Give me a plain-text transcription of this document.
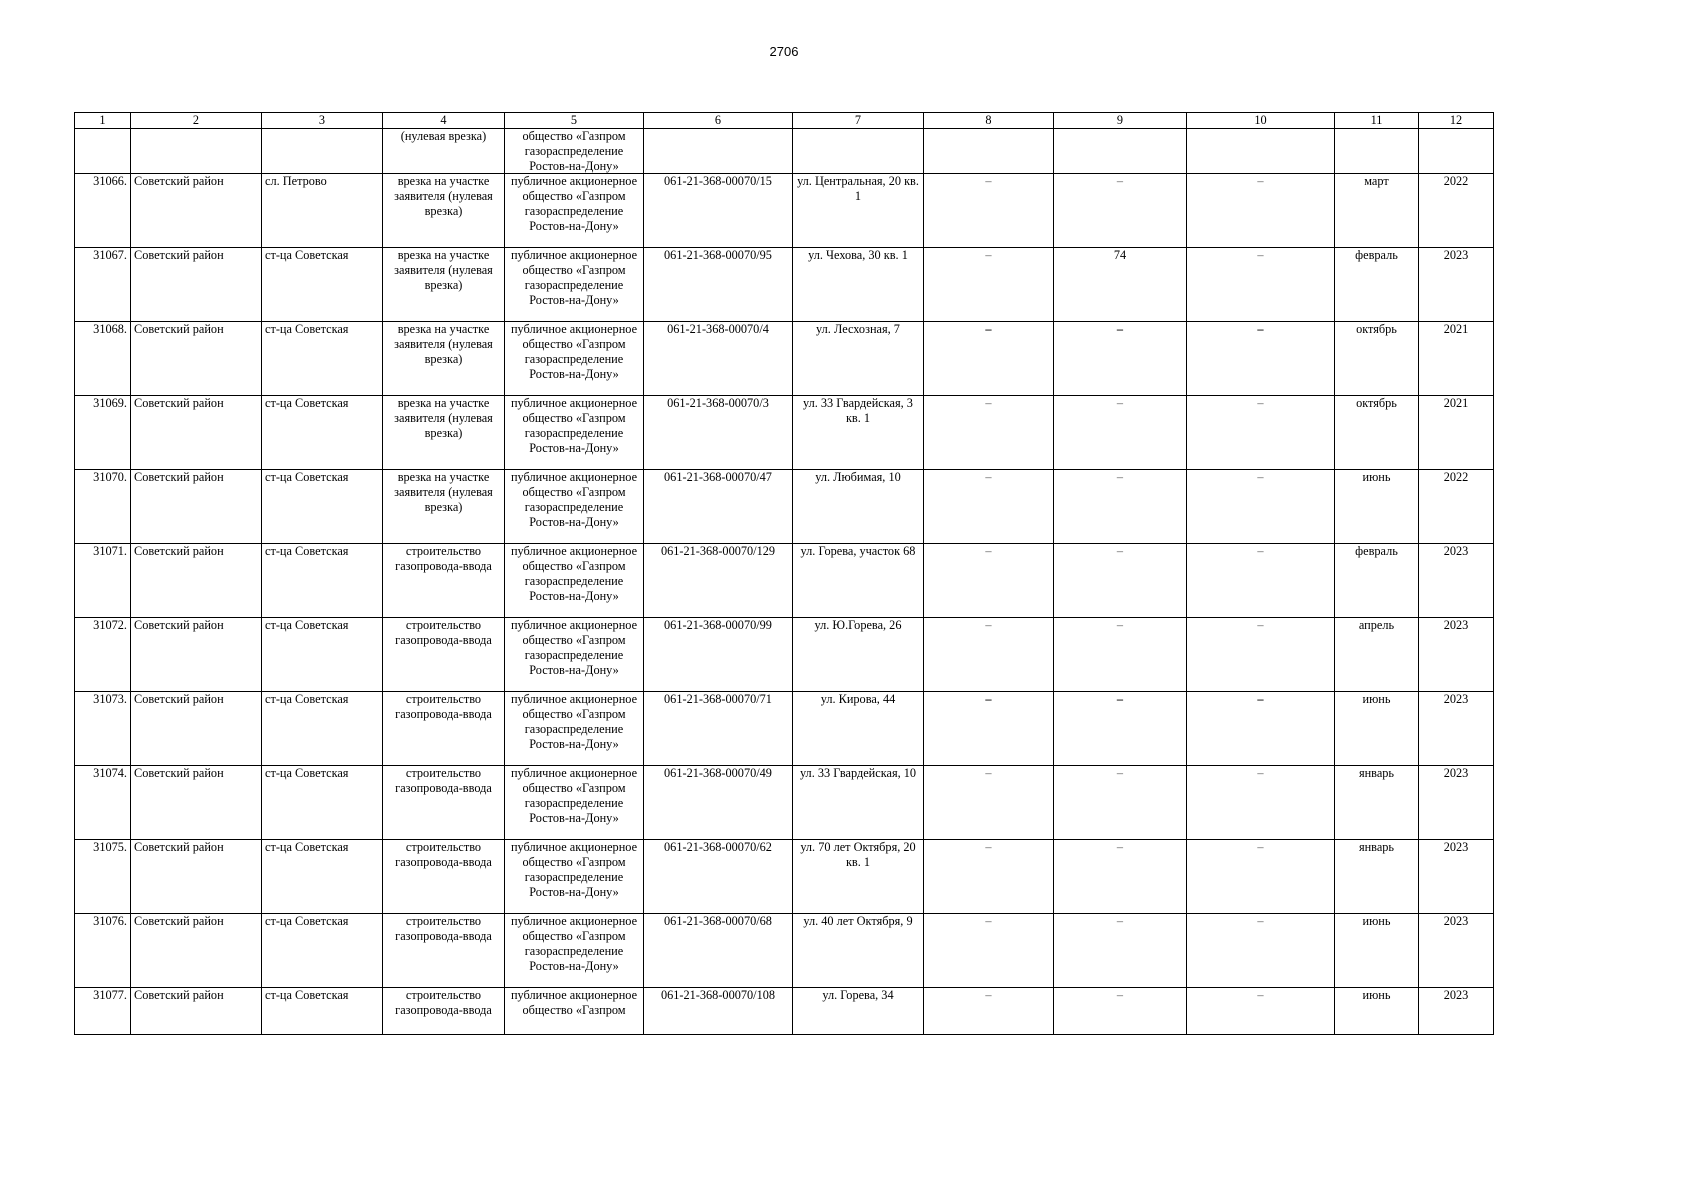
2706
1	2	3	4	5	6	7	8	9	10	11	12
			(нулевая врезка)	общество «Газпром газораспределение Ростов-на-Дону»							
31066.	Советский район	сл. Петрово	врезка на участке заявителя (нулевая врезка)	публичное акционерное общество «Газпром газораспределение Ростов-на-Дону»	061-21-368-00070/15	ул. Центральная, 20 кв. 1	–	–	–	март	2022
31067.	Советский район	ст-ца Советская	врезка на участке заявителя (нулевая врезка)	публичное акционерное общество «Газпром газораспределение Ростов-на-Дону»	061-21-368-00070/95	ул. Чехова, 30 кв. 1	–	74	–	февраль	2023
31068.	Советский район	ст-ца Советская	врезка на участке заявителя (нулевая врезка)	публичное акционерное общество «Газпром газораспределение Ростов-на-Дону»	061-21-368-00070/4	ул. Лесхозная, 7	–	–	–	октябрь	2021
31069.	Советский район	ст-ца Советская	врезка на участке заявителя (нулевая врезка)	публичное акционерное общество «Газпром газораспределение Ростов-на-Дону»	061-21-368-00070/3	ул. 33 Гвардейская, 3 кв. 1	–	–	–	октябрь	2021
31070.	Советский район	ст-ца Советская	врезка на участке заявителя (нулевая врезка)	публичное акционерное общество «Газпром газораспределение Ростов-на-Дону»	061-21-368-00070/47	ул. Любимая, 10	–	–	–	июнь	2022
31071.	Советский район	ст-ца Советская	строительство газопровода-ввода	публичное акционерное общество «Газпром газораспределение Ростов-на-Дону»	061-21-368-00070/129	ул. Горева, участок 68	–	–	–	февраль	2023
31072.	Советский район	ст-ца Советская	строительство газопровода-ввода	публичное акционерное общество «Газпром газораспределение Ростов-на-Дону»	061-21-368-00070/99	ул. Ю.Горева, 26	–	–	–	апрель	2023
31073.	Советский район	ст-ца Советская	строительство газопровода-ввода	публичное акционерное общество «Газпром газораспределение Ростов-на-Дону»	061-21-368-00070/71	ул. Кирова, 44	–	–	–	июнь	2023
31074.	Советский район	ст-ца Советская	строительство газопровода-ввода	публичное акционерное общество «Газпром газораспределение Ростов-на-Дону»	061-21-368-00070/49	ул. 33 Гвардейская, 10	–	–	–	январь	2023
31075.	Советский район	ст-ца Советская	строительство газопровода-ввода	публичное акционерное общество «Газпром газораспределение Ростов-на-Дону»	061-21-368-00070/62	ул. 70 лет Октября, 20 кв. 1	–	–	–	январь	2023
31076.	Советский район	ст-ца Советская	строительство газопровода-ввода	публичное акционерное общество «Газпром газораспределение Ростов-на-Дону»	061-21-368-00070/68	ул. 40 лет Октября, 9	–	–	–	июнь	2023
31077.	Советский район	ст-ца Советская	строительство газопровода-ввода	публичное акционерное общество «Газпром	061-21-368-00070/108	ул. Горева, 34	–	–	–	июнь	2023
